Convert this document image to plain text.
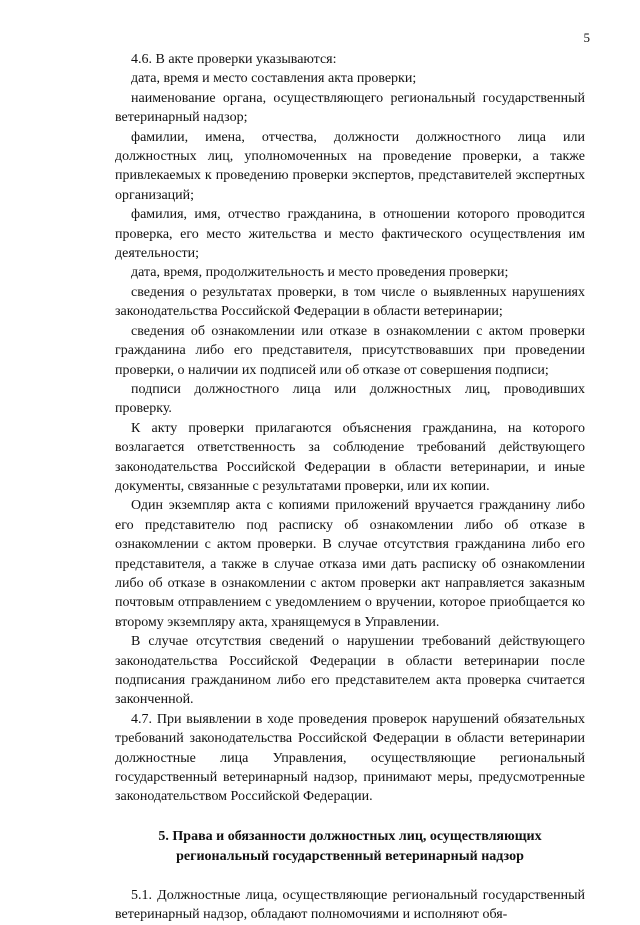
5

4.6. В акте проверки указываются:

дата, время и место составления акта проверки;

наименование органа, осуществляющего региональный государственный ветеринарный надзор;

фамилии, имена, отчества, должности должностного лица или должностных лиц, уполномоченных на проведение проверки, а также привлекаемых к проведению проверки экспертов, представителей экспертных организаций;

фамилия, имя, отчество гражданина, в отношении которого проводится проверка, его место жительства и место фактического осуществления им деятельности;

дата, время, продолжительность и место проведения проверки;

сведения о результатах проверки, в том числе о выявленных нарушениях законодательства Российской Федерации в области ветеринарии;

сведения об ознакомлении или отказе в ознакомлении с актом проверки гражданина либо его представителя, присутствовавших при проведении проверки, о наличии их подписей или об отказе от совершения подписи;

подписи должностного лица или должностных лиц, проводивших проверку.

К акту проверки прилагаются объяснения гражданина, на которого возлагается ответственность за соблюдение требований действующего законодательства Российской Федерации в области ветеринарии, и иные документы, связанные с результатами проверки, или их копии.

Один экземпляр акта с копиями приложений вручается гражданину либо его представителю под расписку об ознакомлении либо об отказе в ознакомлении с актом проверки. В случае отсутствия гражданина либо его представителя, а также в случае отказа ими дать расписку об ознакомлении либо об отказе в ознакомлении с актом проверки акт направляется заказным почтовым отправлением с уведомлением о вручении, которое приобщается ко второму экземпляру акта, хранящемуся в Управлении.

В случае отсутствия сведений о нарушении требований действующего законодательства Российской Федерации в области ветеринарии после подписания гражданином либо его представителем акта проверка считается законченной.

4.7. При выявлении в ходе проведения проверок нарушений обязательных требований законодательства Российской Федерации в области ветеринарии должностные лица Управления, осуществляющие региональный государственный ветеринарный надзор, принимают меры, предусмотренные законодательством Российской Федерации.

5. Права и обязанности должностных лиц, осуществляющих
региональный государственный ветеринарный надзор

5.1. Должностные лица, осуществляющие региональный государственный ветеринарный надзор, обладают полномочиями и исполняют обя-
